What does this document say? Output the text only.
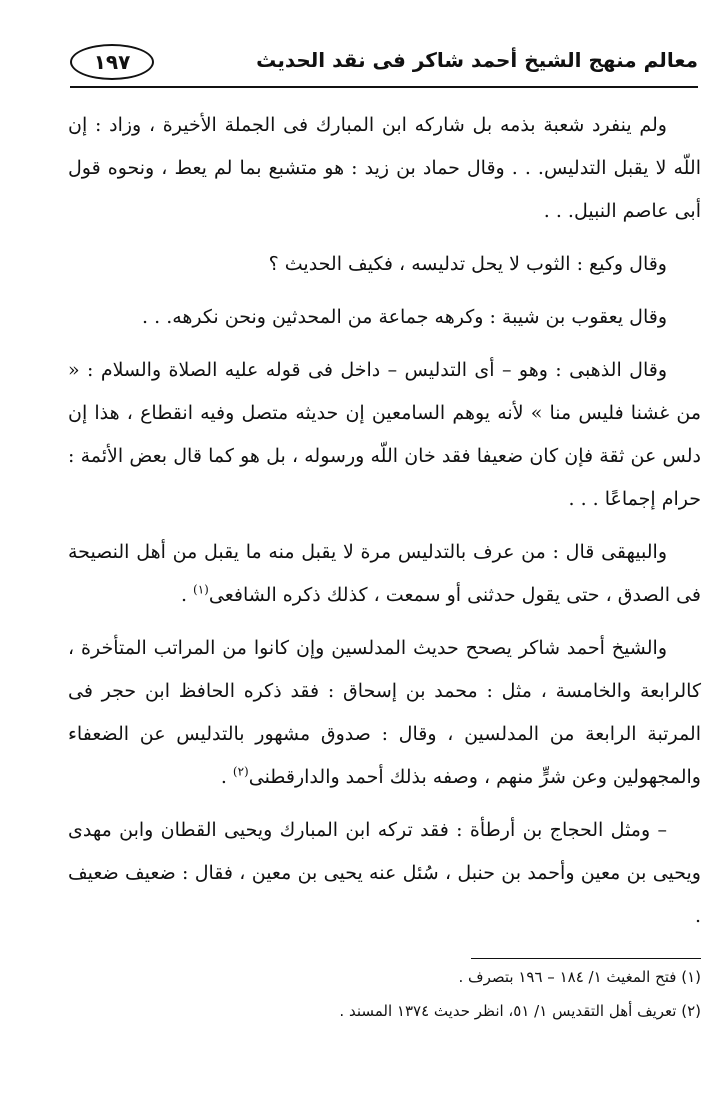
معالم منهج الشيخ أحمد شاكر فى نقد الحديث
١٩٧

ولم ينفرد شعبة بذمه بل شاركه ابن المبارك فى الجملة الأخيرة ، وزاد : إن اللّه لا يقبل التدليس. . . وقال حماد بن زيد : هو متشبع بما لم يعط ، ونحوه قول أبى عاصم النبيل. . .

وقال وكيع : الثوب لا يحل تدليسه ، فكيف الحديث ؟

وقال يعقوب بن شيبة : وكرهه جماعة من المحدثين ونحن نكرهه. . .

وقال الذهبى : وهو – أى التدليس – داخل فى قوله عليه الصلاة والسلام : « من غشنا فليس منا » لأنه يوهم السامعين إن حديثه متصل وفيه انقطاع ، هذا إن دلس عن ثقة فإن كان ضعيفا فقد خان اللّه ورسوله ، بل هو كما قال بعض الأئمة : حرام إجماعًا . . .

والبيهقى قال : من عرف بالتدليس مرة لا يقبل منه ما يقبل من أهل النصيحة فى الصدق ، حتى يقول حدثنى أو سمعت ، كذلك ذكره الشافعى$^{(١)}$ .

والشيخ أحمد شاكر يصحح حديث المدلسين وإن كانوا من المراتب المتأخرة ، كالرابعة والخامسة ، مثل : محمد بن إسحاق : فقد ذكره الحافظ ابن حجر فى المرتبة الرابعة من المدلسين ، وقال : صدوق مشهور بالتدليس عن الضعفاء والمجهولين وعن شرٍّ منهم ، وصفه بذلك أحمد والدارقطنى$^{(٢)}$ .

– ومثل الحجاج بن أرطأة : فقد تركه ابن المبارك ويحيى القطان وابن مهدى ويحيى بن معين وأحمد بن حنبل ، سُئل عنه يحيى بن معين ، فقال : ضعيف ضعيف .

(١) فتح المغيث ١/ ١٨٤ – ١٩٦ بتصرف .

(٢) تعريف أهل التقديس ١/ ٥١، انظر حديث ١٣٧٤ المسند .
